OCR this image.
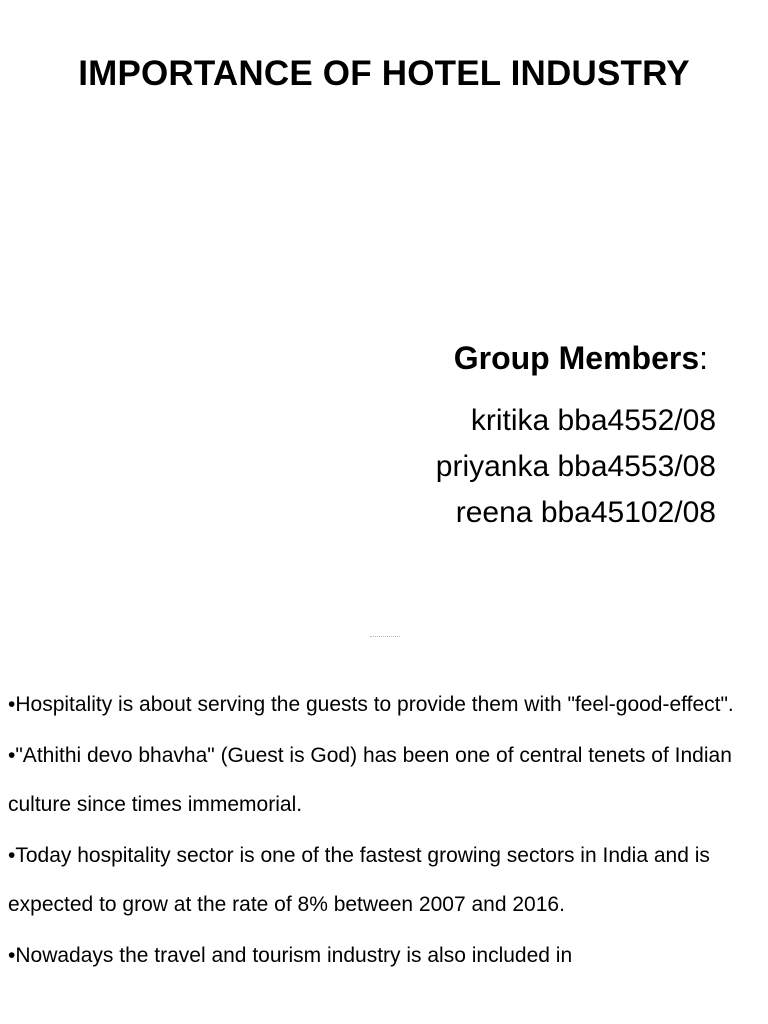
IMPORTANCE OF HOTEL INDUSTRY
Group Members:
kritika bba4552/08
priyanka bba4553/08
reena bba45102/08

•Hospitality is about serving the guests to provide them with "feel-good-effect".

•"Athithi devo bhavha" (Guest is God) has been one of central tenets of Indian culture since times immemorial.

•Today hospitality sector is one of the fastest growing sectors in India and is expected to grow at the rate of 8% between 2007 and 2016.

•Nowadays the travel and tourism industry is also included in
